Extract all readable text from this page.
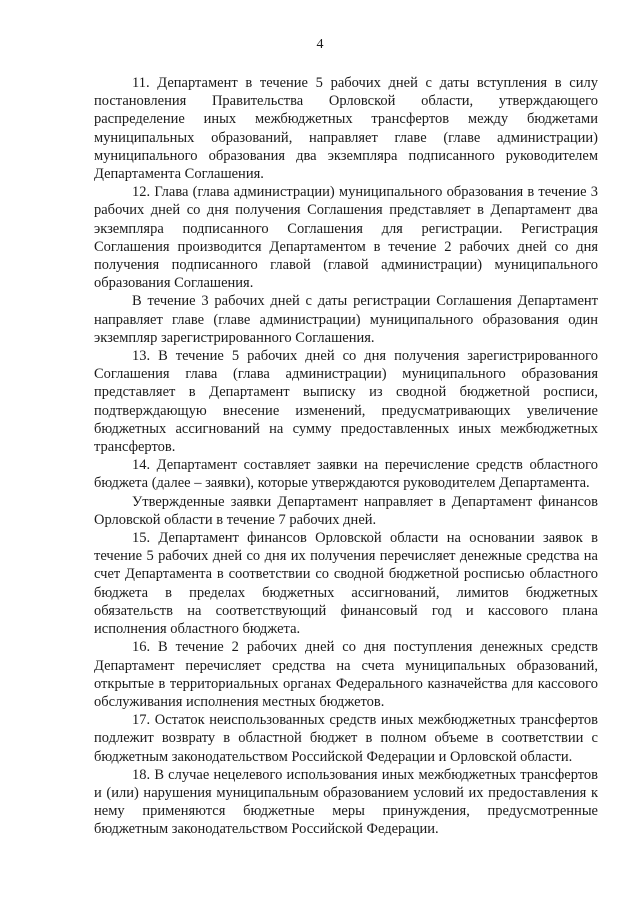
4

11. Департамент в течение 5 рабочих дней с даты вступления в силу постановления Правительства Орловской области, утверждающего распределение иных межбюджетных трансфертов между бюджетами муниципальных образований, направляет главе (главе администрации) муниципального образования два экземпляра подписанного руководителем Департамента Соглашения.

12. Глава (глава администрации) муниципального образования в течение 3 рабочих дней со дня получения Соглашения представляет в Департамент два экземпляра подписанного Соглашения для регистрации. Регистрация Соглашения производится Департаментом в течение 2 рабочих дней со дня получения подписанного главой (главой администрации) муниципального образования Соглашения.

В течение 3 рабочих дней с даты регистрации Соглашения Департамент направляет главе (главе администрации) муниципального образования один экземпляр зарегистрированного Соглашения.

13. В течение 5 рабочих дней со дня получения зарегистрированного Соглашения глава (глава администрации) муниципального образования представляет в Департамент выписку из сводной бюджетной росписи, подтверждающую внесение изменений, предусматривающих увеличение бюджетных ассигнований на сумму предоставленных иных межбюджетных трансфертов.

14. Департамент составляет заявки на перечисление средств областного бюджета (далее – заявки), которые утверждаются руководителем Департамента.

Утвержденные заявки Департамент направляет в Департамент финансов Орловской области в течение 7 рабочих дней.

15. Департамент финансов Орловской области на основании заявок в течение 5 рабочих дней со дня их получения перечисляет денежные средства на счет Департамента в соответствии со сводной бюджетной росписью областного бюджета в пределах бюджетных ассигнований, лимитов бюджетных обязательств на соответствующий финансовый год и кассового плана исполнения областного бюджета.

16. В течение 2 рабочих дней со дня поступления денежных средств Департамент перечисляет средства на счета муниципальных образований, открытые в территориальных органах Федерального казначейства для кассового обслуживания исполнения местных бюджетов.

17. Остаток неиспользованных средств иных межбюджетных трансфертов подлежит возврату в областной бюджет в полном объеме в соответствии с бюджетным законодательством Российской Федерации и Орловской области.

18. В случае нецелевого использования иных межбюджетных трансфертов и (или) нарушения муниципальным образованием условий их предоставления к нему применяются бюджетные меры принуждения, предусмотренные бюджетным законодательством Российской Федерации.
